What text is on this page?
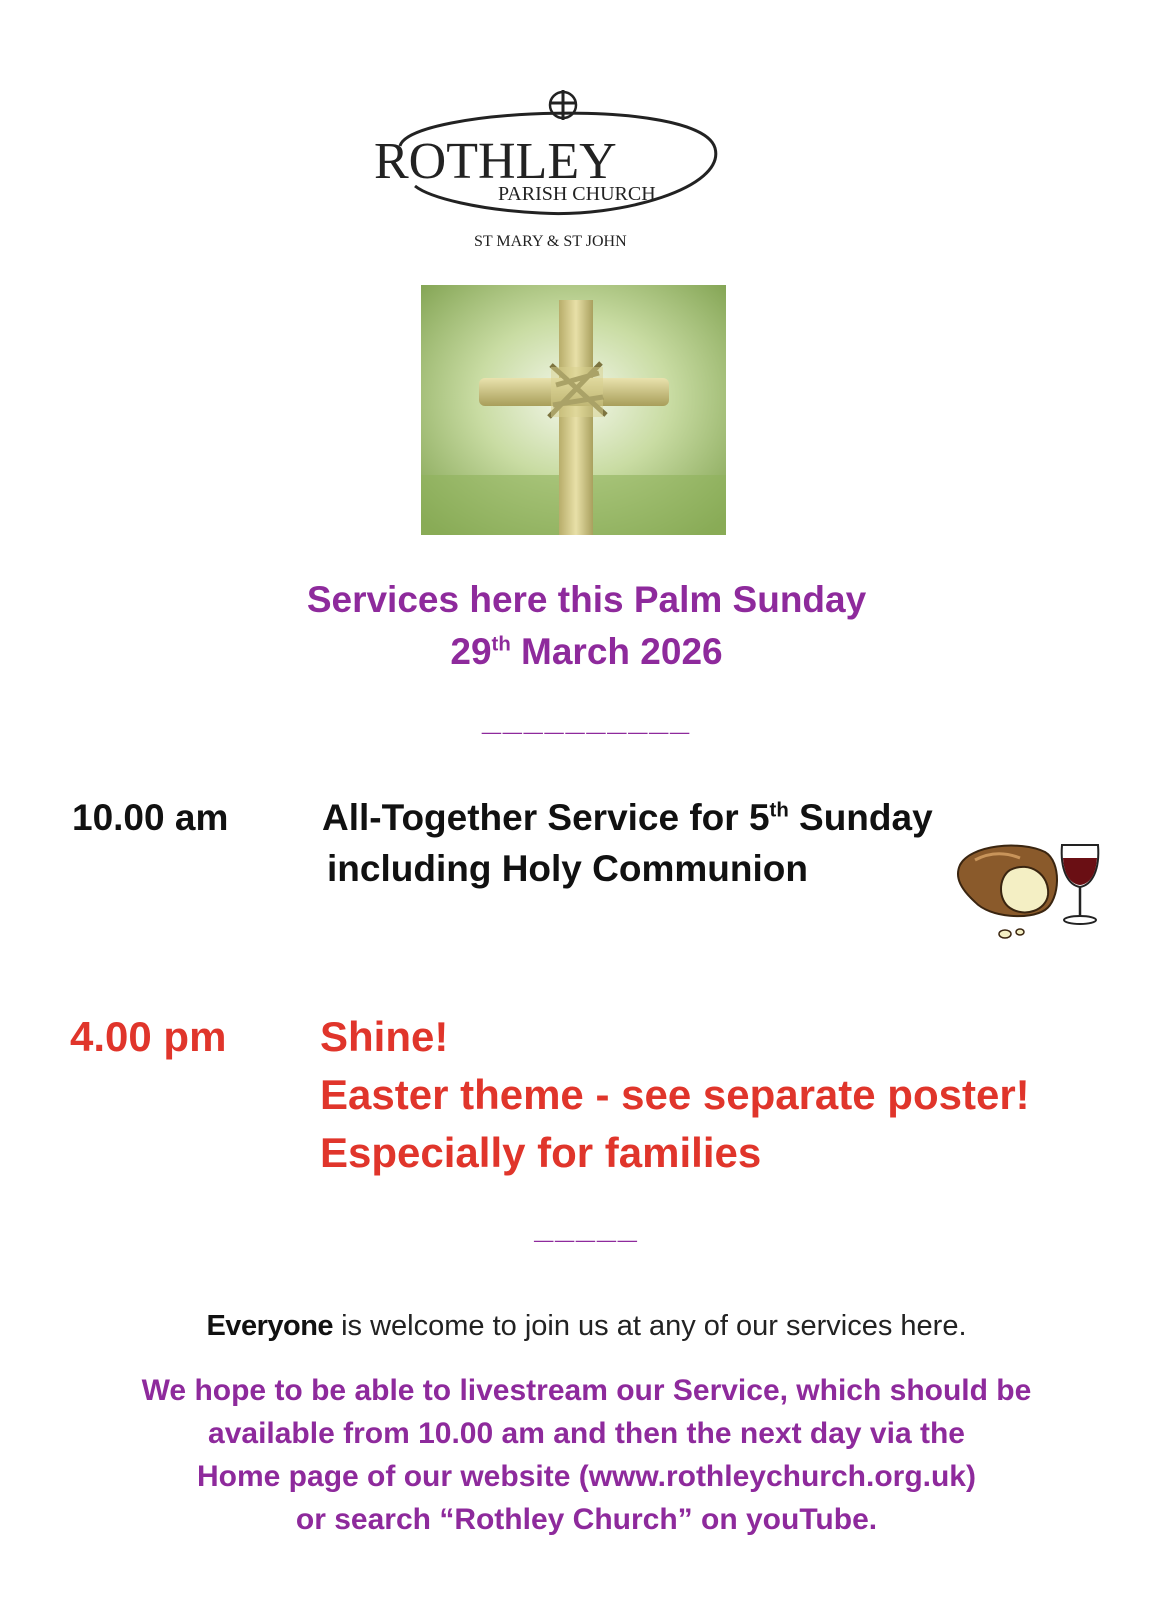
ROTHLEY
PARISH CHURCH
ST MARY & ST JOHN
Services here this Palm Sunday
29th March 2026
__________
10.00 am	All-Together Service for 5th Sunday
including Holy Communion
4.00 pm Shine!
Easter theme - see separate poster!
Especially for families
_____
Everyone is welcome to join us at any of our services here.
We hope to be able to livestream our Service, which should be
available from 10.00 am and then the next day via the
Home page of our website (www.rothleychurch.org.uk)
or search “Rothley Church” on youTube.
